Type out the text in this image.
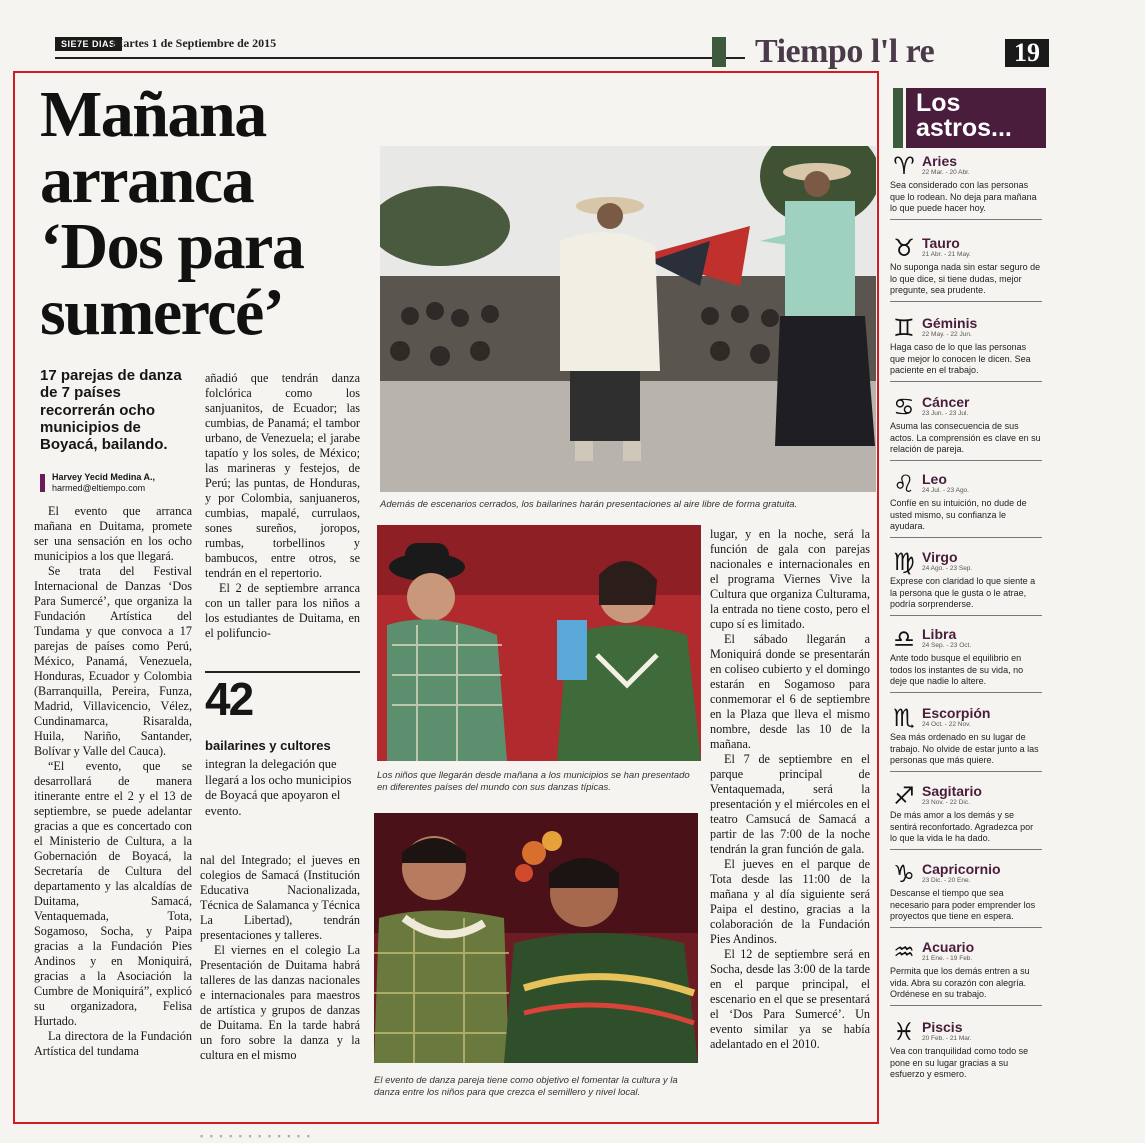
SIE7E DIAS
Martes 1 de Septiembre de 2015	Tiempo l'l re	19
Mañana arranca ‘Dos para sumercé’
17 parejas de danza de 7 países recorrerán ocho municipios de Boyacá, bailando.
Harvey Yecid Medina A.,
harmed@eltiempo.com

El evento que arranca mañana en Duitama, promete ser una sensación en los ocho municipios a los que llegará.

Se trata del Festival Internacional de Danzas ‘Dos Para Sumercé’, que organiza la Fundación Artística del Tundama y que convoca a 17 parejas de países como Perú, México, Panamá, Venezuela, Honduras, Ecuador y Colombia (Barranquilla, Pereira, Funza, Madrid, Villavicencio, Vélez, Cundinamarca, Risaralda, Huila, Nariño, Santander, Bolívar y Valle del Cauca).

“El evento, que se desarrollará de manera itinerante entre el 2 y el 13 de septiembre, se puede adelantar gracias a que es concertado con el Ministerio de Cultura, a la Gobernación de Boyacá, la Secretaría de Cultura del departamento y las alcaldías de Duitama, Samacá, Ventaquemada, Tota, Sogamoso, Socha, y Paipa gracias a la Fundación Pies Andinos y en Moniquirá, gracias a la Asociación la Cumbre de Moniquirá”, explicó su organizadora, Felisa Hurtado.

La directora de la Fundación Artística del tundama

añadió que tendrán danza folclórica como los sanjuanitos, de Ecuador; las cumbias, de Panamá; el tambor urbano, de Venezuela; el jarabe tapatío y los soles, de México; las marineras y festejos, de Perú; las puntas, de Honduras, y por Colombia, sanjuaneros, cumbias, mapalé, currulaos, sones sureños, joropos, rumbas, torbellinos y bambucos, entre otros, se tendrán en el repertorio.

El 2 de septiembre arranca con un taller para los niños a los estudiantes de Duitama, en el polifuncio-

42
bailarines y cultores
integran la delegación que llegará a los ocho municipios de Boyacá que apoyaron el evento.

nal del Integrado; el jueves en colegios de Samacá (Institución Educativa Nacionalizada, Técnica de Salamanca y Técnica La Libertad), tendrán presentaciones y talleres.

El viernes en el colegio La Presentación de Duitama habrá talleres de las danzas nacionales e internacionales para maestros de artística y grupos de danzas de Duitama. En la tarde habrá un foro sobre la danza y la cultura en el mismo

lugar, y en la noche, será la función de gala con parejas nacionales e internacionales en el programa Viernes Vive la Cultura que organiza Culturama, la entrada no tiene costo, pero el cupo sí es limitado.

El sábado llegarán a Moniquirá donde se presentarán en coliseo cubierto y el domingo estarán en Sogamoso para conmemorar el 6 de septiembre en la Plaza que lleva el mismo nombre, desde las 10 de la mañana.

El 7 de septiembre en el parque principal de Ventaquemada, será la presentación y el miércoles en el teatro Camsucá de Samacá a partir de las 7:00 de la noche tendrán la gran función de gala.

El jueves en el parque de Tota desde las 11:00 de la mañana y al día siguiente será Paipa el destino, gracias a la colaboración de la Fundación Pies Andinos.

El 12 de septiembre será en Socha, desde las 3:00 de la tarde en el parque principal, el escenario en el que se presentará el ‘Dos Para Sumercé’. Un evento similar ya se había adelantado en el 2010.

Además de escenarios cerrados, los bailarines harán presentaciones al aire libre de forma gratuita.
Los niños que llegarán desde mañana a los municipios se han presentado en diferentes países del mundo con sus danzas típicas.
El evento de danza pareja tiene como objetivo el fomentar la cultura y la danza entre los niños para que crezca el semillero y nivel local.
Los astros...
♈ Aries
22 Mar. - 20 Abr.
Sea considerado con las personas que lo rodean. No deja para mañana lo que puede hacer hoy.
♉ Tauro
21 Abr. - 21 May.
No suponga nada sin estar seguro de lo que dice, si tiene dudas, mejor pregunte, sea prudente.
♊ Géminis
22 May. - 22 Jun.
Haga caso de lo que las personas que mejor lo conocen le dicen. Sea paciente en el trabajo.
♋ Cáncer
23 Jun. - 23 Jul.
Asuma las consecuencia de sus actos. La comprensión es clave en su relación de pareja.
♌ Leo
24 Jul. - 23 Ago.
Confíe en su intuición, no dude de usted mismo, su confianza le ayudara.
♍ Virgo
24 Ago. - 23 Sep.
Exprese con claridad lo que siente a la persona que le gusta o le atrae, podría sorprenderse.
♎ Libra
24 Sep. - 23 Oct.
Ante todo busque el equilibrio en todos los instantes de su vida, no deje que nadie lo altere.
♏ Escorpión
24 Oct. - 22 Nov.
Sea más ordenado en su lugar de trabajo. No olvide de estar junto a las personas que más quiere.
♐ Sagitario
23 Nov. - 22 Dic.
De más amor a los demás y se sentirá reconfortado. Agradezca por lo que la vida le ha dado.
♑ Capricornio
23 Dic. - 20 Ene.
Descanse el tiempo que sea necesario para poder emprender los proyectos que tiene en espera.
♒ Acuario
21 Ene. - 19 Feb.
Permita que los demás entren a su vida. Abra su corazón con alegría. Ordénese en su trabajo.
♓ Piscis
20 Feb. - 21 Mar.
Vea con tranquilidad como todo se pone en su lugar gracias a su esfuerzo y esmero.
▪ ▪ ▪ ▪ ▪ ▪ ▪ ▪ ▪ ▪ ▪ ▪
